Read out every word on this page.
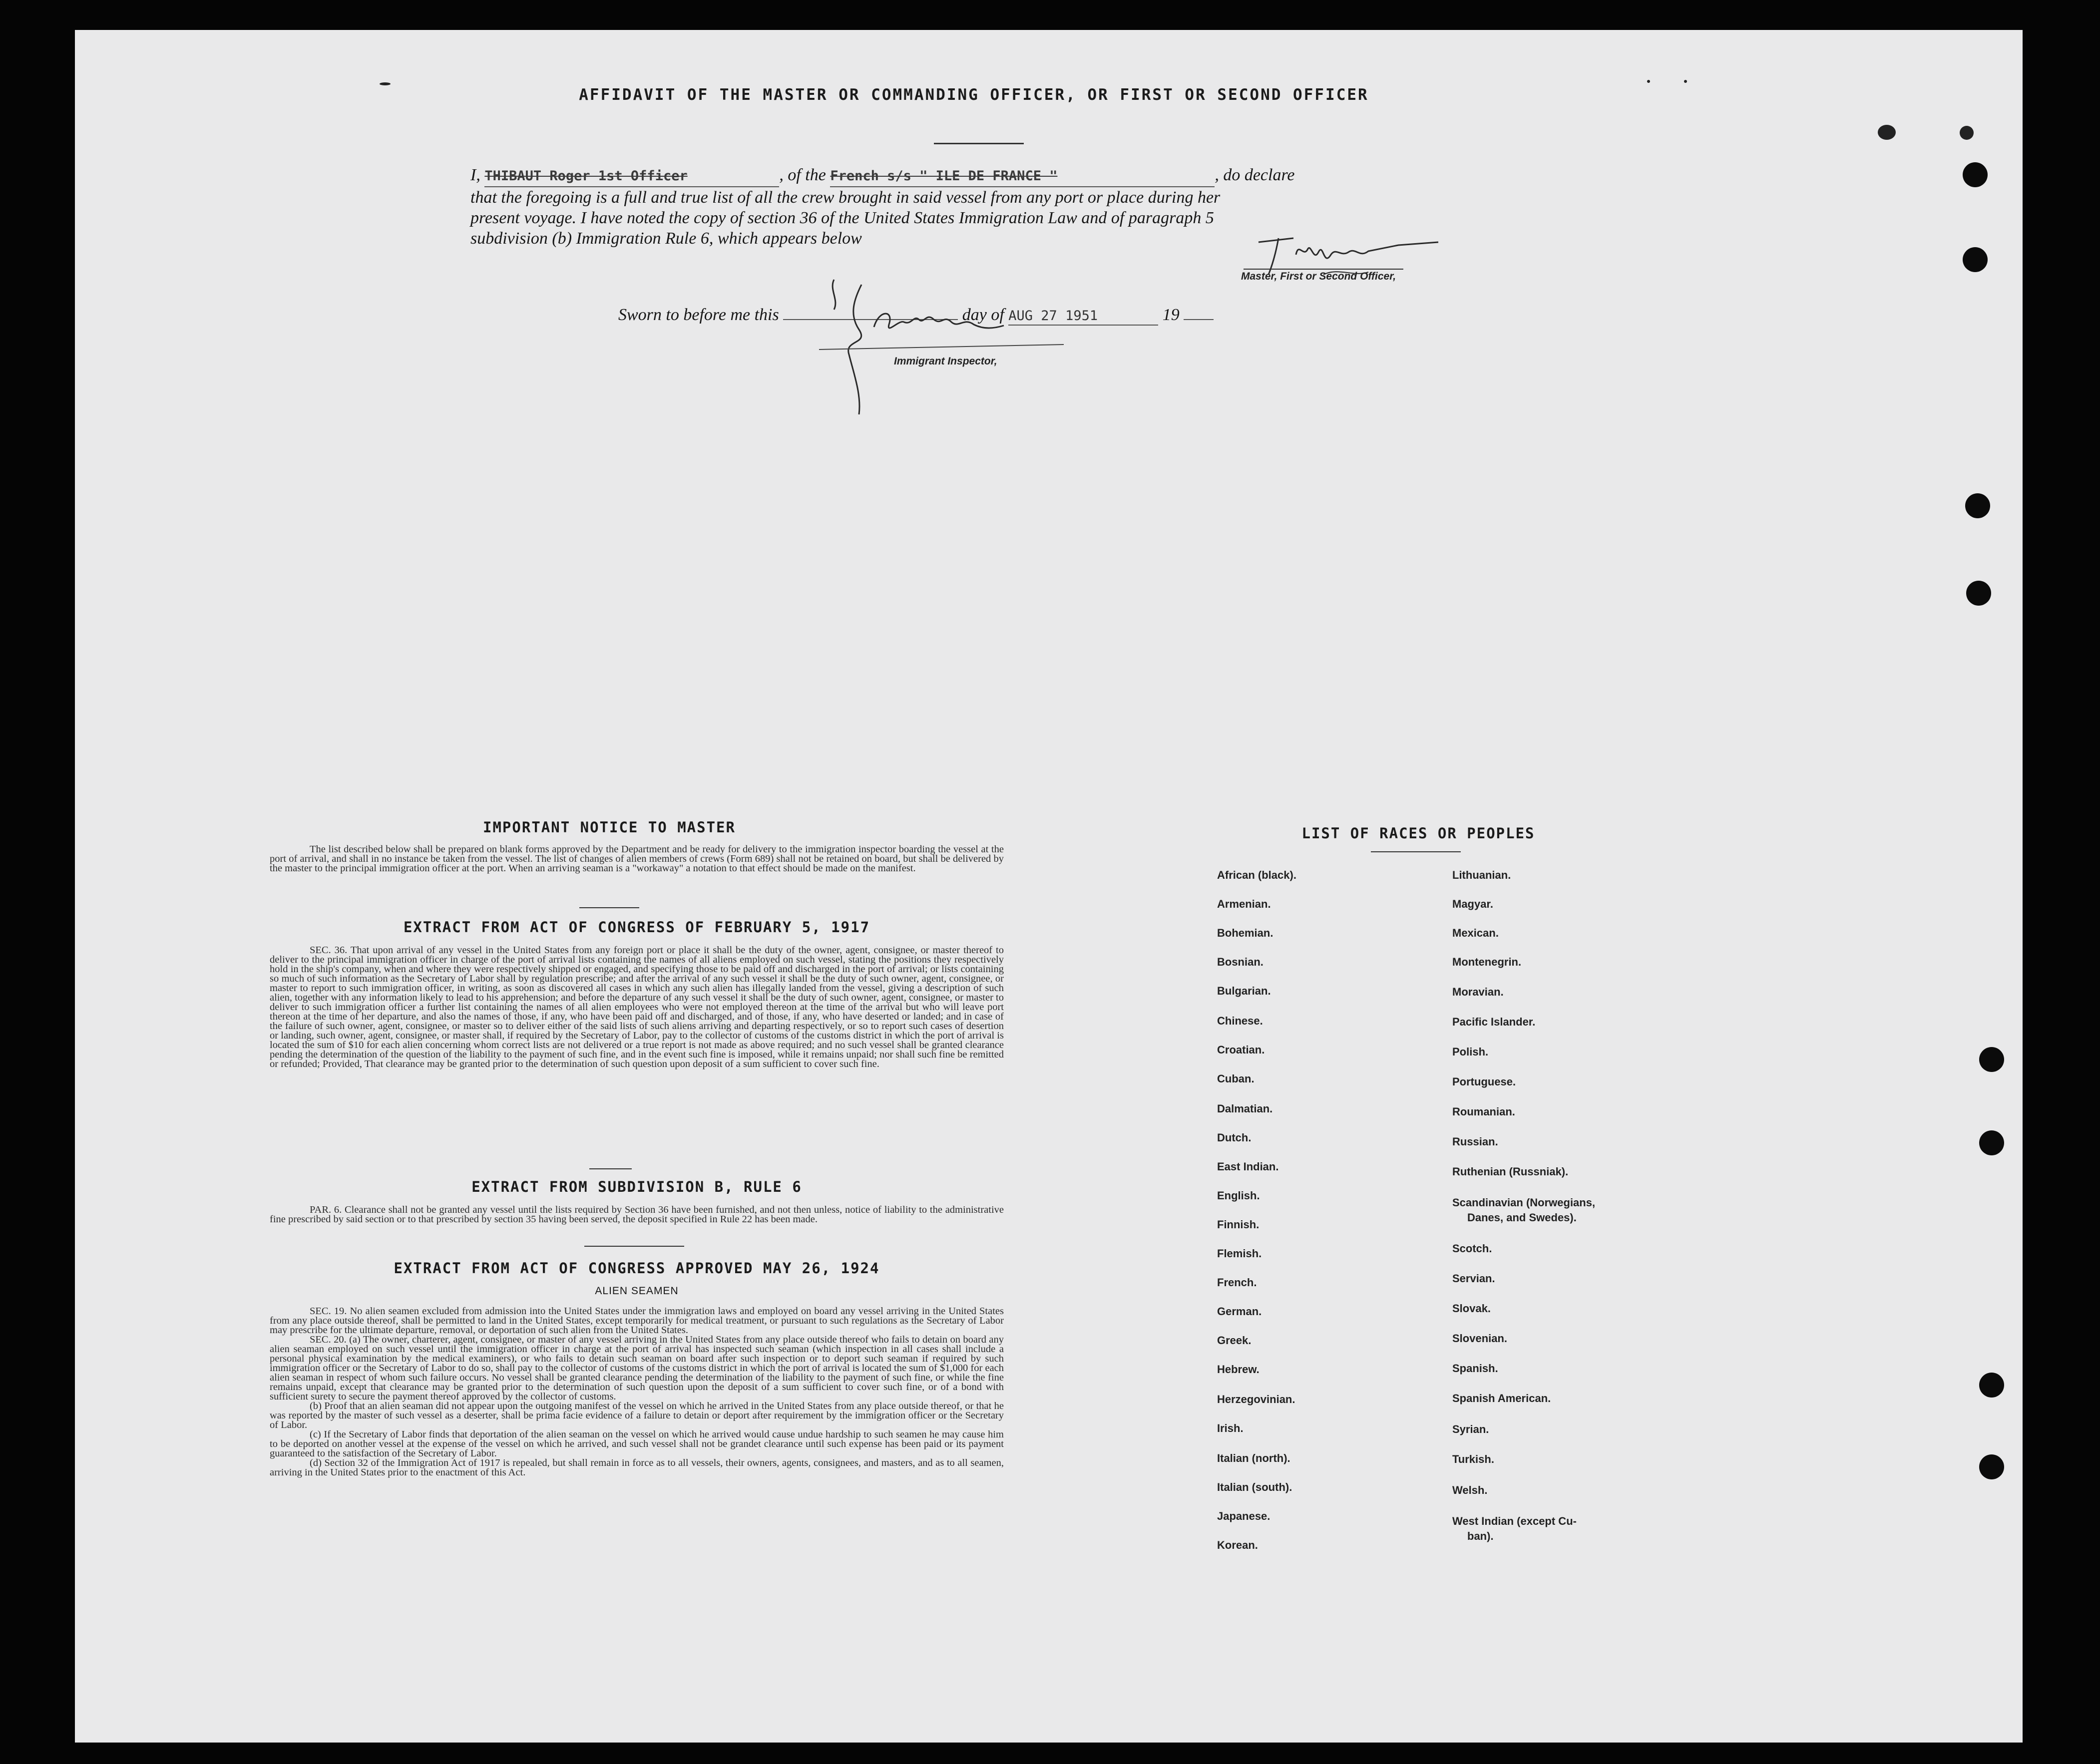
AFFIDAVIT OF THE MASTER OR COMMANDING OFFICER, OR FIRST OR SECOND OFFICER

I, THIBAUT Roger 1st Officer	, of the French s/s " ILE DE FRANCE "	, do declare

that the foregoing is a full and true list of all the crew brought in said vessel from any port or place during her

present voyage. I have noted the copy of section 36 of the United States Immigration Law and of paragraph 5

subdivision (b) Immigration Rule 6, which appears below

Master, First or Second Officer,
Sworn to before me this	day of AUG 27 1951	19
Immigrant Inspector,
IMPORTANT NOTICE TO MASTER

The list described below shall be prepared on blank forms approved by the Department and be ready for delivery to the immigration inspector boarding the vessel at the port of arrival, and shall in no instance be taken from the vessel. The list of changes of alien members of crews (Form 689) shall not be retained on board, but shall be delivered by the master to the principal immigration officer at the port. When an arriving seaman is a "workaway" a notation to that effect should be made on the manifest.

EXTRACT FROM ACT OF CONGRESS OF FEBRUARY 5, 1917

SEC. 36. That upon arrival of any vessel in the United States from any foreign port or place it shall be the duty of the owner, agent, consignee, or master thereof to deliver to the principal immigration officer in charge of the port of arrival lists containing the names of all aliens employed on such vessel, stating the positions they respectively hold in the ship's company, when and where they were respectively shipped or engaged, and specifying those to be paid off and discharged in the port of arrival; or lists containing so much of such information as the Secretary of Labor shall by regulation prescribe; and after the arrival of any such vessel it shall be the duty of such owner, agent, consignee, or master to report to such immigration officer, in writing, as soon as discovered all cases in which any such alien has illegally landed from the vessel, giving a description of such alien, together with any information likely to lead to his apprehension; and before the departure of any such vessel it shall be the duty of such owner, agent, consignee, or master to deliver to such immigration officer a further list containing the names of all alien employees who were not employed thereon at the time of the arrival but who will leave port thereon at the time of her departure, and also the names of those, if any, who have been paid off and discharged, and of those, if any, who have deserted or landed; and in case of the failure of such owner, agent, consignee, or master so to deliver either of the said lists of such aliens arriving and departing respectively, or so to report such cases of desertion or landing, such owner, agent, consignee, or master shall, if required by the Secretary of Labor, pay to the collector of customs of the customs district in which the port of arrival is located the sum of $10 for each alien concerning whom correct lists are not delivered or a true report is not made as above required; and no such vessel shall be granted clearance pending the determination of the question of the liability to the payment of such fine, and in the event such fine is imposed, while it remains unpaid; nor shall such fine be remitted or refunded; Provided, That clearance may be granted prior to the determination of such question upon deposit of a sum sufficient to cover such fine.

EXTRACT FROM SUBDIVISION B, RULE 6

PAR. 6. Clearance shall not be granted any vessel until the lists required by Section 36 have been furnished, and not then unless, notice of liability to the administrative fine prescribed by said section or to that prescribed by section 35 having been served, the deposit specified in Rule 22 has been made.

EXTRACT FROM ACT OF CONGRESS APPROVED MAY 26, 1924
ALIEN SEAMEN

SEC. 19. No alien seamen excluded from admission into the United States under the immigration laws and employed on board any vessel arriving in the United States from any place outside thereof, shall be permitted to land in the United States, except temporarily for medical treatment, or pursuant to such regulations as the Secretary of Labor may prescribe for the ultimate departure, removal, or deportation of such alien from the United States.

SEC. 20. (a) The owner, charterer, agent, consignee, or master of any vessel arriving in the United States from any place outside thereof who fails to detain on board any alien seaman employed on such vessel until the immigration officer in charge at the port of arrival has inspected such seaman (which inspection in all cases shall include a personal physical examination by the medical examiners), or who fails to detain such seaman on board after such inspection or to deport such seaman if required by such immigration officer or the Secretary of Labor to do so, shall pay to the collector of customs of the customs district in which the port of arrival is located the sum of $1,000 for each alien seaman in respect of whom such failure occurs. No vessel shall be granted clearance pending the determination of the liability to the payment of such fine, or while the fine remains unpaid, except that clearance may be granted prior to the determination of such question upon the deposit of a sum sufficient to cover such fine, or of a bond with sufficient surety to secure the payment thereof approved by the collector of customs.

(b) Proof that an alien seaman did not appear upon the outgoing manifest of the vessel on which he arrived in the United States from any place outside thereof, or that he was reported by the master of such vessel as a deserter, shall be prima facie evidence of a failure to detain or deport after requirement by the immigration officer or the Secretary of Labor.

(c) If the Secretary of Labor finds that deportation of the alien seaman on the vessel on which he arrived would cause undue hardship to such seamen he may cause him to be deported on another vessel at the expense of the vessel on which he arrived, and such vessel shall not be grandet clearance until such expense has been paid or its payment guaranteed to the satisfaction of the Secretary of Labor.

(d) Section 32 of the Immigration Act of 1917 is repealed, but shall remain in force as to all vessels, their owners, agents, consignees, and masters, and as to all seamen, arriving in the United States prior to the enactment of this Act.

LIST OF RACES OR PEOPLES
African (black).
Armenian.
Bohemian.
Bosnian.
Bulgarian.
Chinese.
Croatian.
Cuban.
Dalmatian.
Dutch.
East Indian.
English.
Finnish.
Flemish.
French.
German.
Greek.
Hebrew.
Herzegovinian.
Irish.
Italian (north).
Italian (south).
Japanese.
Korean.
Lithuanian.
Magyar.
Mexican.
Montenegrin.
Moravian.
Pacific Islander.
Polish.
Portuguese.
Roumanian.
Russian.
Ruthenian (Russniak).
Scandinavian (Norwegians,
Danes, and Swedes).
Scotch.
Servian.
Slovak.
Slovenian.
Spanish.
Spanish American.
Syrian.
Turkish.
Welsh.
West Indian (except Cu-
ban).
